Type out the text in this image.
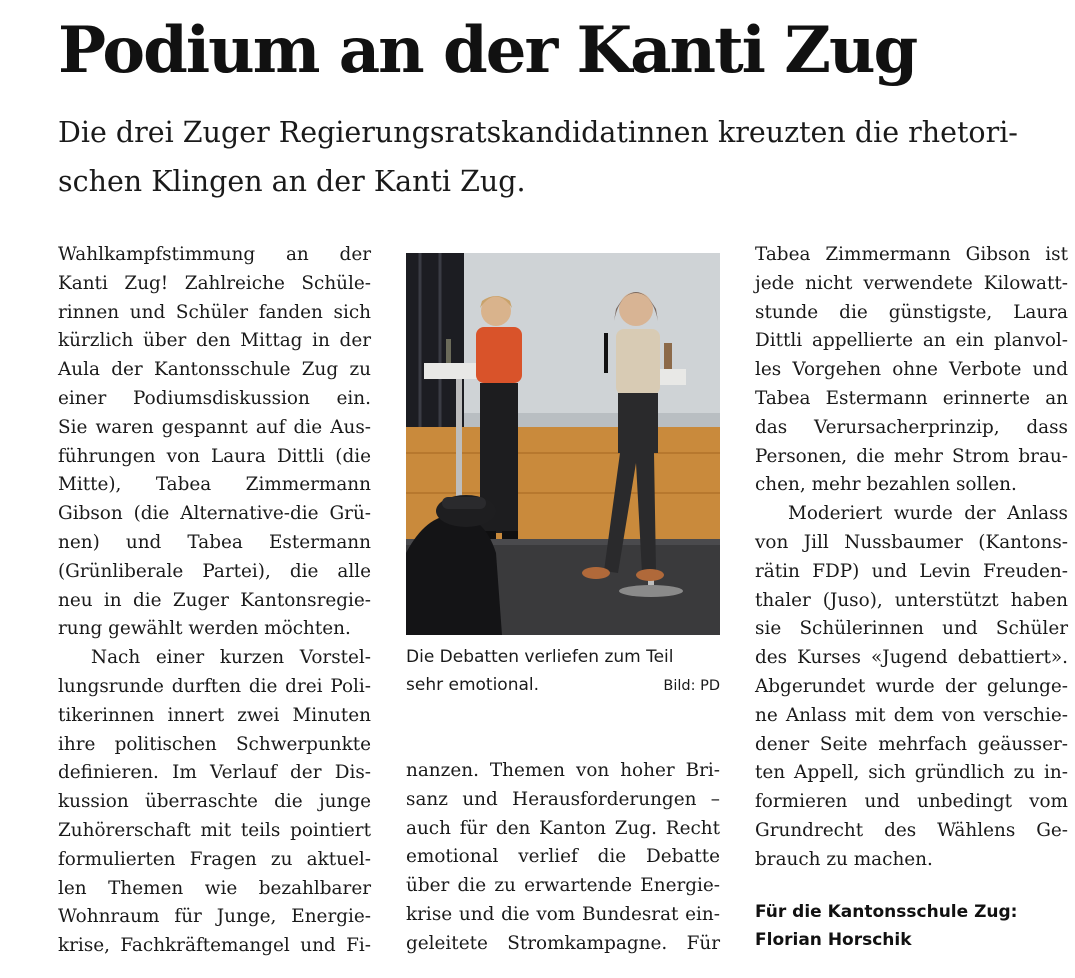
Podium an der Kanti Zug
Die drei Zuger Regierungsratskandidatinnen kreuzten die rhetori-
schen Klingen an der Kanti Zug.
Wahlkampfstimmung an der
Kanti Zug! Zahlreiche Schüle-
rinnen und Schüler fanden sich
kürzlich über den Mittag in der
Aula der Kantonsschule Zug zu
einer Podiumsdiskussion ein.
Sie waren gespannt auf die Aus-
führungen von Laura Dittli (die
Mitte), Tabea Zimmermann
Gibson (die Alternative-die Grü-
nen) und Tabea Estermann
(Grünliberale Partei), die alle
neu in die Zuger Kantonsregie-
rung gewählt werden möchten.
Nach einer kurzen Vorstel-
lungsrunde durften die drei Poli-
tikerinnen innert zwei Minuten
ihre politischen Schwerpunkte
definieren. Im Verlauf der Dis-
kussion überraschte die junge
Zuhörerschaft mit teils pointiert
formulierten Fragen zu aktuel-
len Themen wie bezahlbarer
Wohnraum für Junge, Energie-
krise, Fachkräftemangel und Fi-
Die Debatten verliefen zum Teil
sehr emotional.	Bild: PD
nanzen. Themen von hoher Bri-
sanz und Herausforderungen –
auch für den Kanton Zug. Recht
emotional verlief die Debatte
über die zu erwartende Energie-
krise und die vom Bundesrat ein-
geleitete Stromkampagne. Für
Tabea Zimmermann Gibson ist
jede nicht verwendete Kilowatt-
stunde die günstigste, Laura
Dittli appellierte an ein planvol-
les Vorgehen ohne Verbote und
Tabea Estermann erinnerte an
das Verursacherprinzip, dass
Personen, die mehr Strom brau-
chen, mehr bezahlen sollen.
Moderiert wurde der Anlass
von Jill Nussbaumer (Kantons-
rätin FDP) und Levin Freuden-
thaler (Juso), unterstützt haben
sie Schülerinnen und Schüler
des Kurses «Jugend debattiert».
Abgerundet wurde der gelunge-
ne Anlass mit dem von verschie-
dener Seite mehrfach geäusser-
ten Appell, sich gründlich zu in-
formieren und unbedingt vom
Grundrecht des Wählens Ge-
brauch zu machen.
Für die Kantonsschule Zug:
Florian Horschik
